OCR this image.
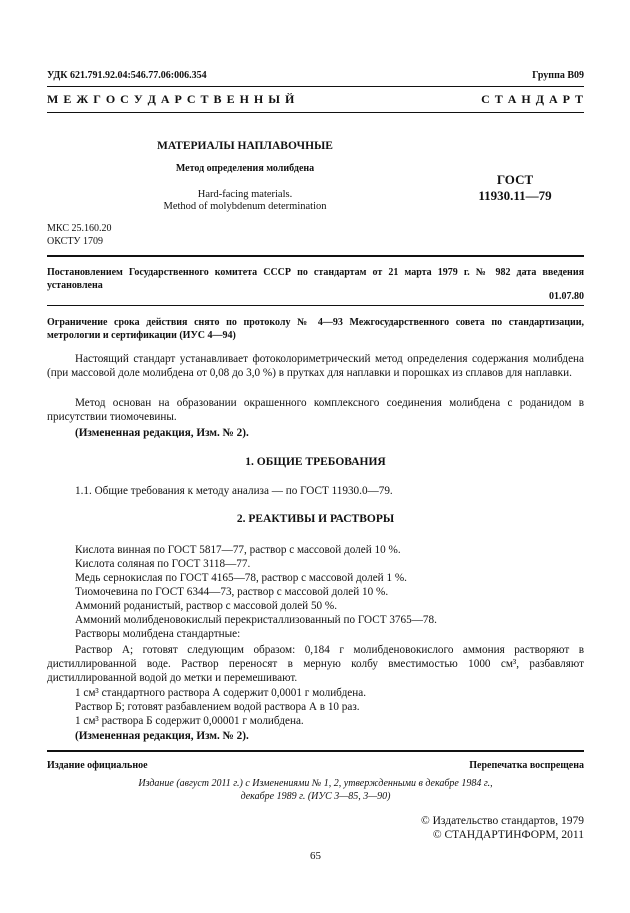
УДК 621.791.92.04:546.77.06:006.354	Группа В09
М Е Ж Г О С У Д А Р С Т В Е Н Н Ы Й	С Т А Н Д А Р Т
МАТЕРИАЛЫ НАПЛАВОЧНЫЕ
Метод определения молибдена
Hard-facing materials.
Method of molybdenum determination
ГОСТ
11930.11—79
МКС 25.160.20
ОКСТУ 1709
Постановлением Государственного комитета СССР по стандартам от 21 марта 1979 г. № 982 дата введения установлена
01.07.80
Ограничение срока действия снято по протоколу № 4—93 Межгосударственного совета по стандартизации, метрологии и сертификации (ИУС 4—94)
Настоящий стандарт устанавливает фотоколориметрический метод определения содержания молибдена (при массовой доле молибдена от 0,08 до 3,0 %) в прутках для наплавки и порошках из сплавов для наплавки.
Метод основан на образовании окрашенного комплексного соединения молибдена с роданидом в присутствии тиомочевины.
(Измененная редакция, Изм. № 2).
1. ОБЩИЕ ТРЕБОВАНИЯ
1.1. Общие требования к методу анализа — по ГОСТ 11930.0—79.
2. РЕАКТИВЫ И РАСТВОРЫ
Кислота винная по ГОСТ 5817—77, раствор с массовой долей 10 %.
Кислота соляная по ГОСТ 3118—77.
Медь сернокислая по ГОСТ 4165—78, раствор с массовой долей 1 %.
Тиомочевина по ГОСТ 6344—73, раствор с массовой долей 10 %.
Аммоний роданистый, раствор с массовой долей 50 %.
Аммоний молибденовокислый перекристаллизованный по ГОСТ 3765—78.
Растворы молибдена стандартные:
Раствор А; готовят следующим образом: 0,184 г молибденовокислого аммония растворяют в дистиллированной воде. Раствор переносят в мерную колбу вместимостью 1000 см³, разбавляют дистиллированной водой до метки и перемешивают.
1 см³ стандартного раствора А содержит 0,0001 г молибдена.
Раствор Б; готовят разбавлением водой раствора А в 10 раз.
1 см³ раствора Б содержит 0,00001 г молибдена.
(Измененная редакция, Изм. № 2).
Издание официальное	Перепечатка воспрещена
Издание (август 2011 г.) с Изменениями № 1, 2, утвержденными в декабре 1984 г.,
декабре 1989 г. (ИУС 3—85, 3—90)
© Издательство стандартов, 1979
© СТАНДАРТИНФОРМ, 2011
65
